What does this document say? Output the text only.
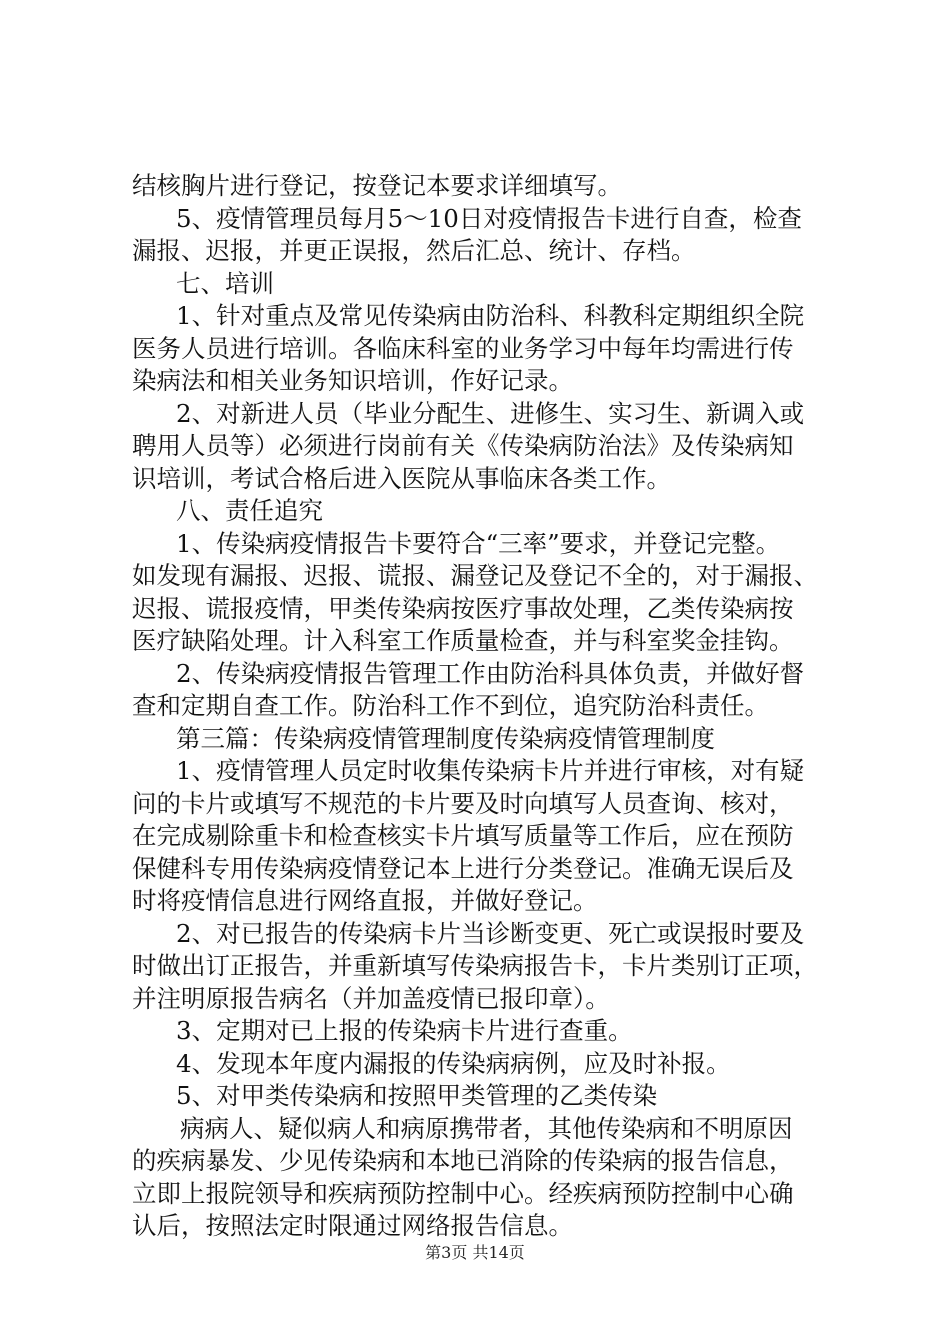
结核胸片进行登记，按登记本要求详细填写。
5、疫情管理员每月5～10日对疫情报告卡进行自查，检查
漏报、迟报，并更正误报，然后汇总、统计、存档。
七、培训
1、针对重点及常见传染病由防治科、科教科定期组织全院
医务人员进行培训。各临床科室的业务学习中每年均需进行传
染病法和相关业务知识培训，作好记录。
2、对新进人员（毕业分配生、进修生、实习生、新调入或
聘用人员等）必须进行岗前有关《传染病防治法》及传染病知
识培训，考试合格后进入医院从事临床各类工作。
八、责任追究
1、传染病疫情报告卡要符合“三率”要求，并登记完整。
如发现有漏报、迟报、谎报、漏登记及登记不全的，对于漏报、
迟报、谎报疫情，甲类传染病按医疗事故处理，乙类传染病按
医疗缺陷处理。计入科室工作质量检查，并与科室奖金挂钩。
2、传染病疫情报告管理工作由防治科具体负责，并做好督
查和定期自查工作。防治科工作不到位，追究防治科责任。
第三篇：传染病疫情管理制度传染病疫情管理制度
1、疫情管理人员定时收集传染病卡片并进行审核，对有疑
问的卡片或填写不规范的卡片要及时向填写人员查询、核对，
在完成剔除重卡和检查核实卡片填写质量等工作后，应在预防
保健科专用传染病疫情登记本上进行分类登记。准确无误后及
时将疫情信息进行网络直报，并做好登记。
2、对已报告的传染病卡片当诊断变更、死亡或误报时要及
时做出订正报告，并重新填写传染病报告卡，卡片类别订正项，
并注明原报告病名（并加盖疫情已报印章）。
3、定期对已上报的传染病卡片进行查重。
4、发现本年度内漏报的传染病病例，应及时补报。
5、对甲类传染病和按照甲类管理的乙类传染
病病人、疑似病人和病原携带者，其他传染病和不明原因
的疾病暴发、少见传染病和本地已消除的传染病的报告信息，
立即上报院领导和疾病预防控制中心。经疾病预防控制中心确
认后，按照法定时限通过网络报告信息。
第3页 共14页
